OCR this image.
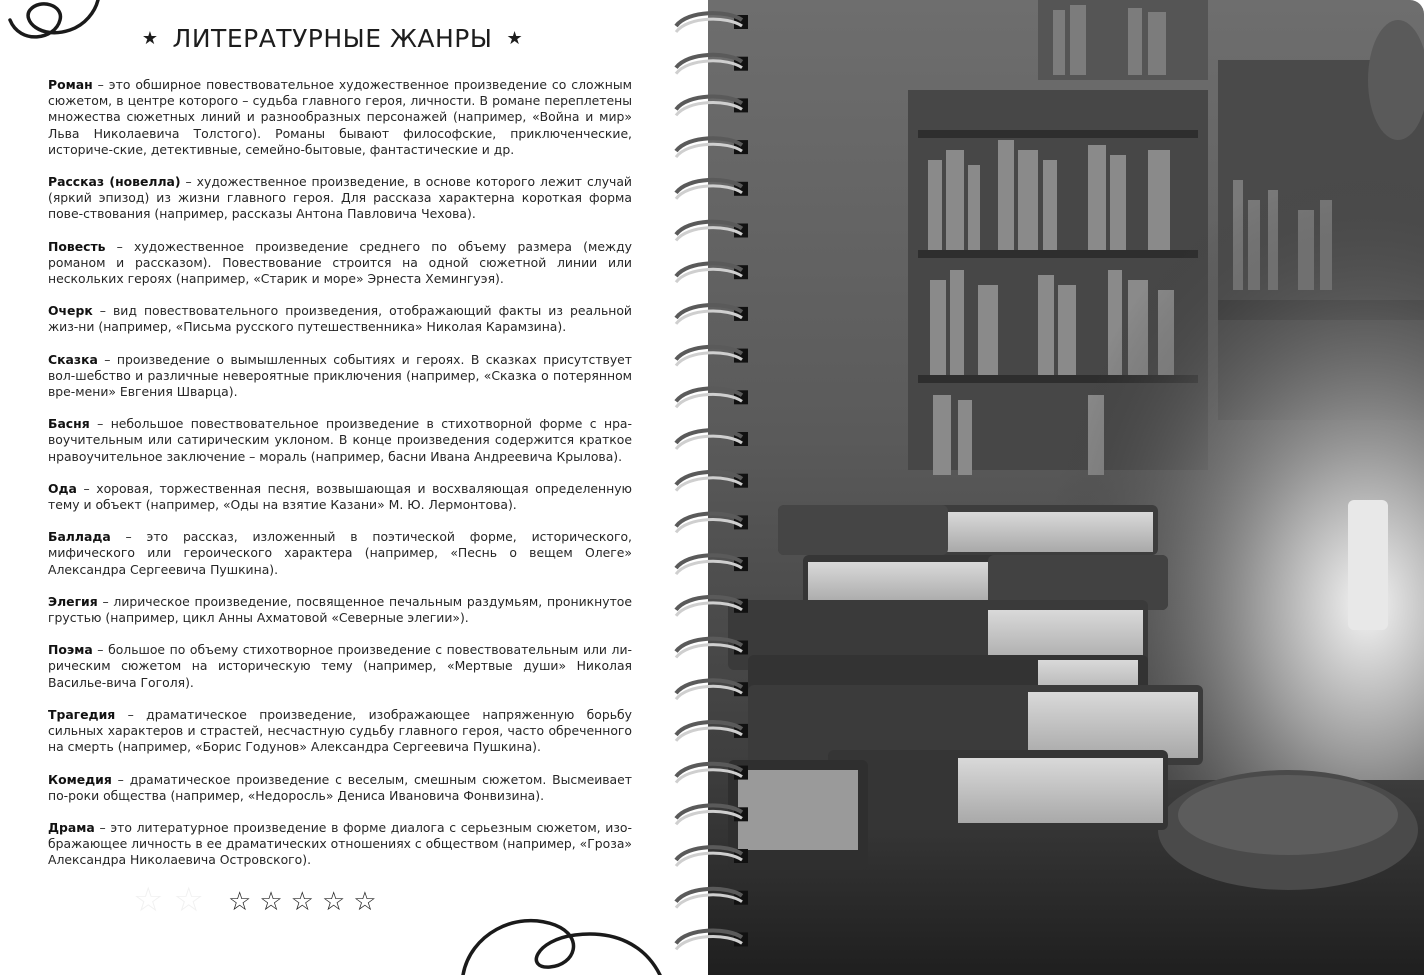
★ ЛИТЕРАТУРНЫЕ ЖАНРЫ ★

Роман – это обширное повествовательное художественное произведение со сложным сюжетом, в центре которого – судьба главного героя, личности. В романе переплетены множества сюжетных линий и разнообразных персонажей (например, «Война и мир» Льва Николаевича Толстого). Романы бывают философские, приключенческие, историче-ские, детективные, семейно-бытовые, фантастические и др.

Рассказ (новелла) – художественное произведение, в основе которого лежит случай (яркий эпизод) из жизни главного героя. Для рассказа характерна короткая форма пове-ствования (например, рассказы Антона Павловича Чехова).

Повесть – художественное произведение среднего по объему размера (между романом и рассказом). Повествование строится на одной сюжетной линии или нескольких героях (например, «Старик и море» Эрнеста Хемингуэя).

Очерк – вид повествовательного произведения, отображающий факты из реальной жиз-ни (например, «Письма русского путешественника» Николая Карамзина).

Сказка – произведение о вымышленных событиях и героях. В сказках присутствует вол-шебство и различные невероятные приключения (например, «Сказка о потерянном вре-мени» Евгения Шварца).

Басня – небольшое повествовательное произведение в стихотворной форме с нра-воучительным или сатирическим уклоном. В конце произведения содержится краткое нравоучительное заключение – мораль (например, басни Ивана Андреевича Крылова).

Ода – хоровая, торжественная песня, возвышающая и восхваляющая определенную тему и объект (например, «Оды на взятие Казани» М. Ю. Лермонтова).

Баллада – это рассказ, изложенный в поэтической форме, исторического, мифического или героического характера (например, «Песнь о вещем Олеге» Александра Сергеевича Пушкина).

Элегия – лирическое произведение, посвященное печальным раздумьям, проникнутое грустью (например, цикл Анны Ахматовой «Северные элегии»).

Поэма – большое по объему стихотворное произведение с повествовательным или ли-рическим сюжетом на историческую тему (например, «Мертвые души» Николая Василье-вича Гоголя).

Трагедия – драматическое произведение, изображающее напряженную борьбу сильных характеров и страстей, несчастную судьбу главного героя, часто обреченного на смерть (например, «Борис Годунов» Александра Сергеевича Пушкина).

Комедия – драматическое произведение с веселым, смешным сюжетом. Высмеивает по-роки общества (например, «Недоросль» Дениса Ивановича Фонвизина).

Драма – это литературное произведение в форме диалога с серьезным сюжетом, изо-бражающее личность в ее драматических отношениях с обществом (например, «Гроза» Александра Николаевича Островского).

☆ ☆ ☆ ☆ ☆ ☆ ☆
